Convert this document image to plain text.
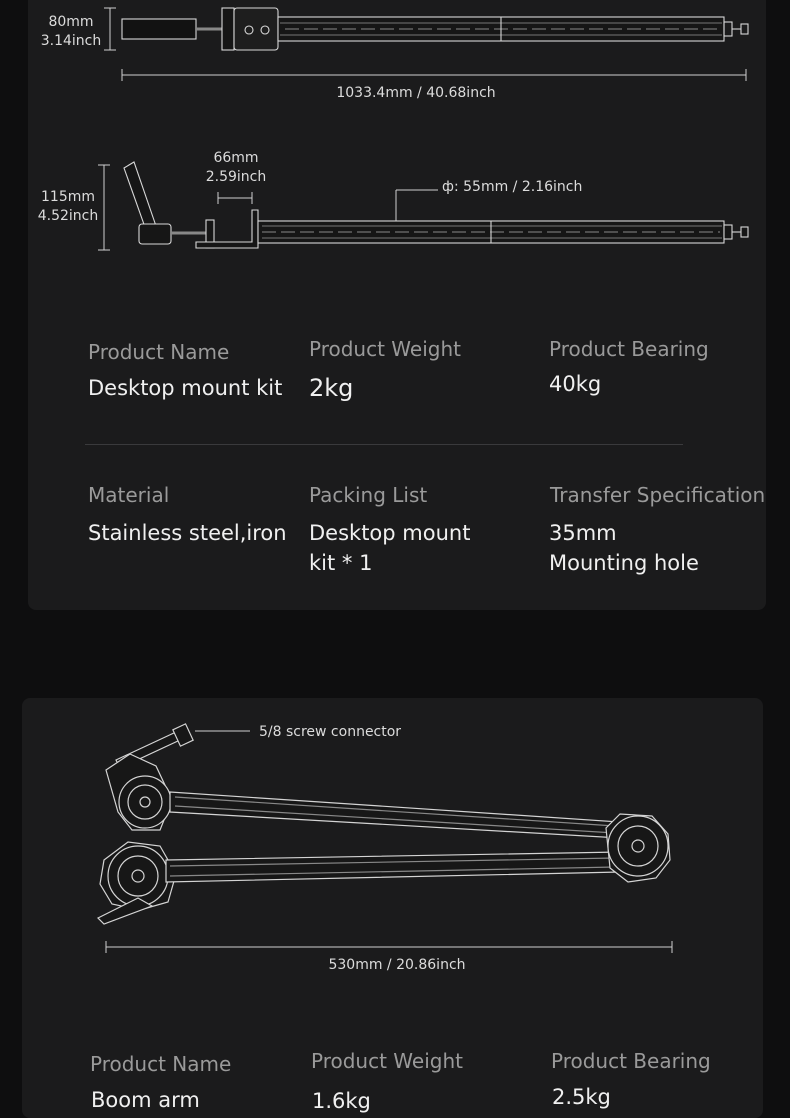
80mm
3.14inch
1033.4mm / 40.68inch
115mm
4.52inch
66mm
2.59inch
ф: 55mm / 2.16inch
Product Name
Desktop mount kit
Product Weight
2kg
Product Bearing
40kg
Material
Stainless steel,iron
Packing List
Desktop mount
kit * 1
Transfer Specification
35mm
Mounting hole
5/8 screw connector
530mm / 20.86inch
Product Name
Boom arm
Product Weight
1.6kg
Product Bearing
2.5kg
